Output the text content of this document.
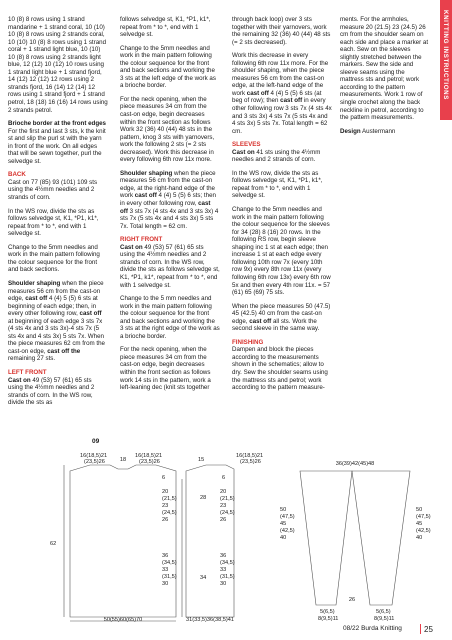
KNITTING INSTRUCTIONS

10 (8) 8 rows using 1 strand mandarine + 1 strand coral, 10 (10) 10 (8) 8 rows using 2 strands coral, 10 (10) 10 (8) 8 rows using 1 strand coral + 1 strand light blue, 10 (10) 10 (8) 8 rows using 2 strands light blue, 12 (12) 10 (12) 10 rows using 1 strand light blue + 1 strand fjord, 14 (12) 12 (12) 12 rows using 2 strands fjord, 16 (14) 12 (14) 12 rows using 1 strand fjord + 1 strand petrol, 18 (18) 16 (16) 14 rows using 2 strands petrol.

Brioche border at the front edges
For the first and last 3 sts, k the knit st and slip the purl st with the yarn in front of the work. On all edges that will be sewn together, purl the selvedge st.

BACK
Cast on 77 (85) 93 (101) 109 sts using the 4½mm needles and 2 strands of corn.

In the WS row, divide the sts as follows selvedge st, K1, *P1, k1*, repeat from * to *, end with 1 selvedge st.

Change to the 5mm needles and work in the main pattern following the colour sequence for the front and back sections.

Shoulder shaping when the piece measures 56 cm from the cast-on edge, cast off 4 (4) 5 (5) 6 sts at beginning of each edge; then, in every other following row, cast off at beginning of each edge 3 sts 7x (4 sts 4x and 3 sts 3x)-4 sts 7x (5 sts 4x and 4 sts 3x) 5 sts 7x. When the piece measures 62 cm from the cast-on edge, cast off the remaining 27 sts.

LEFT FRONT
Cast on 49 (53) 57 (61) 65 sts using the 4½mm needles and 2 strands of corn. In the WS row, divide the sts as

follows selvedge st, K1, *P1, k1*, repeat from * to *, end with 1 selvedge st.

Change to the 5mm needles and work in the main pattern following the colour sequence for the front and back sections and working the 3 sts at the left edge of the work as a brioche border.

For the neck opening, when the piece measures 34 cm from the cast-on edge, begin decreases within the front section as follows Work 32 (36) 40 (44) 48 sts in the pattern, knog 3 sts with yarnovers, work the following 2 sts (= 2 sts decreased). Work this decrease in every following 6th row 11x more.

Shoulder shaping when the piece measures 56 cm from the cast-on edge, at the right-hand edge of the work cast off 4 (4) 5 (5) 6 sts; then in every other following row, cast off 3 sts 7x (4 sts 4x and 3 sts 3x) 4 sts 7x (5 sts 4x and 4 sts 3x) 5 sts 7x. Total length = 62 cm.

RIGHT FRONT
Cast on 49 (53) 57 (61) 65 sts using the 4½mm needles and 2 strands of corn. In the WS row, divide the sts as follows selvedge st, K1, *P1, k1*, repeat from * to *, end with 1 selvedge st.

Change to the 5 mm needles and work in the main pattern following the colour sequence for the front and back sections and working the 3 sts at the right edge of the work as a brioche border.

For the neck opening, when the piece measures 34 cm from the cast-on edge, begin decreases within the front section as follows work 14 sts in the pattern, work a left-leaning dec (knit sts together

through back loop) over 3 sts together with their yarnovers, work the remaining 32 (36) 40 (44) 48 sts (= 2 sts decreased).

Work this decrease in every following 6th row 11x more. For the shoulder shaping, when the piece measures 56 cm from the cast-on edge, at the left-hand edge of the work cast off 4 (4) 5 (5) 6 sts (at beg of row); then cast off in every other following row 3 sts 7x (4 sts 4x and 3 sts 3x) 4 sts 7x (5 sts 4x and 4 sts 3x) 5 sts 7x. Total length = 62 cm.

SLEEVES
Cast on 41 sts using the 4½mm needles and 2 strands of corn.

In the WS row, divide the sts as follows selvedge st, K1, *P1, k1*, repeat from * to *, end with 1 selvedge st.

Change to the 5mm needles and work in the main pattern following the colour sequence for the sleeves for 34 (28) 8 (16) 20 rows. In the following RS row, begin sleeve shaping inc 1 st at each edge; then increase 1 st at each edge every following 10th row 7x (every 10th row 9x) every 8th row 11x (every following 6th row 13x) every 6th row 5x and then every 4th row 11x. = 57 (61) 65 (69) 75 sts.

When the piece measures 50 (47.5) 45 (42.5) 40 cm from the cast-on edge, cast off all sts. Work the second sleeve in the same way.

FINISHING
Dampen and block the pieces according to the measurements shown in the schematics; allow to dry. Sew the shoulder seams using the mattress sts and petrol; work according to the pattern measure-

ments. For the armholes, measure 20 (21.5) 23 (24.5) 26 cm from the shoulder seam on each side and place a marker at each. Sew on the sleeves slightly stretched between the markers. Sew the side and sleeve seams using the mattress sts and petrol; work according to the pattern measurements. Work 1 row of single crochet along the back neckline in petrol, according to the pattern measurements.

Design Austermann

09
16(18,5)21
(23,5)26	18
16(18,5)21
(23,5)26
6
20
(21,5)
23
(24,5)
26
36
(34,5)
33
(31,5)
30
62
50(55)60(65)70
15
16(18,5)21
(23,5)26
6
28
34
20
(21,5)
23
(24,5)
26
36
(34,5)
33
(31,5)
30
31(33,5)36(38,5)41
36(39)42(45)48
50
(47,5)
45
(42,5)
40
50
(47,5)
45
(42,5)
40
5(6,5)
8(9,5)11
26
5(6,5)
8(9,5)11
08/22 Burda Knitting	25
